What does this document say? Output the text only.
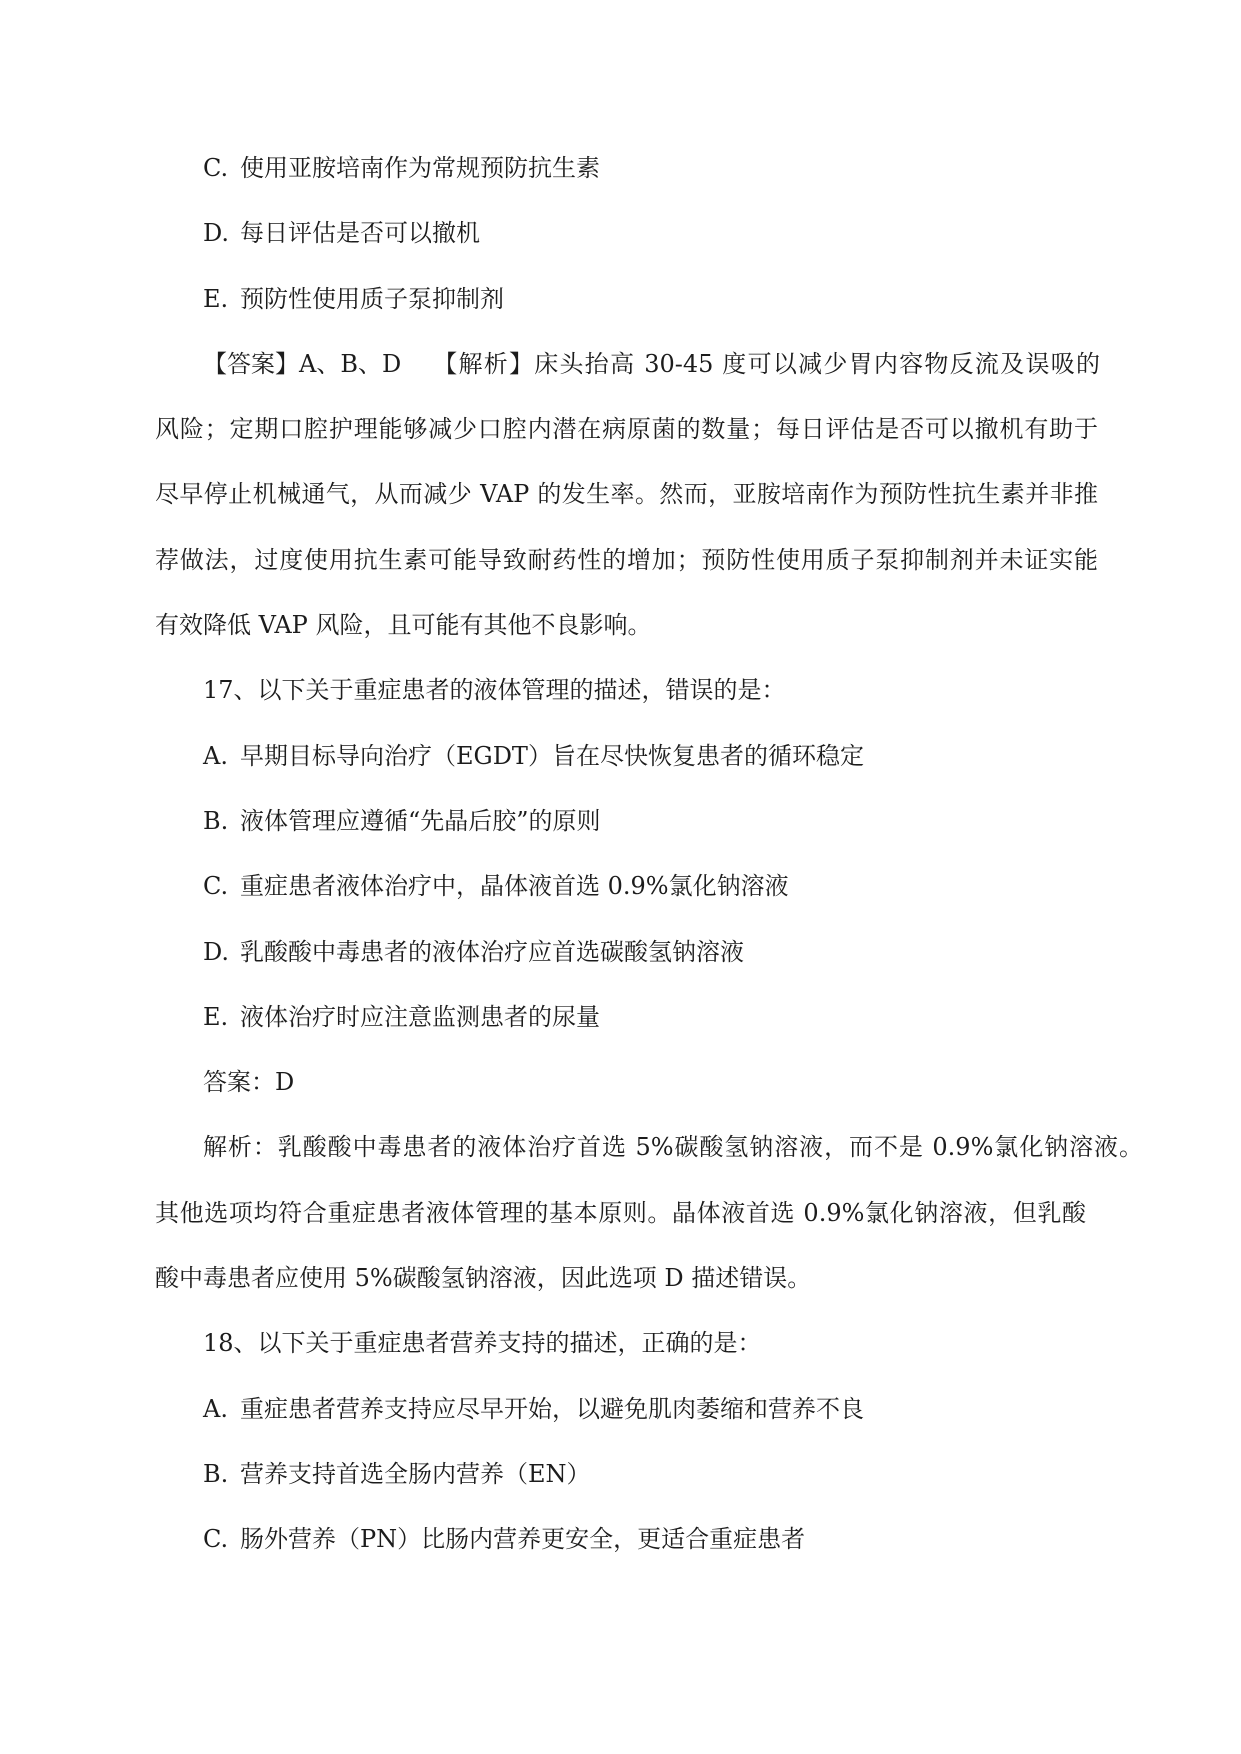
C. 使用亚胺培南作为常规预防抗生素
D. 每日评估是否可以撤机
E. 预防性使用质子泵抑制剂
【答案】A、B、D 【解析】床头抬高 30-45 度可以减少胃内容物反流及误吸的
风险；定期口腔护理能够减少口腔内潜在病原菌的数量；每日评估是否可以撤机有助于
尽早停止机械通气，从而减少 VAP 的发生率。然而，亚胺培南作为预防性抗生素并非推
荐做法，过度使用抗生素可能导致耐药性的增加；预防性使用质子泵抑制剂并未证实能
有效降低 VAP 风险，且可能有其他不良影响。
17、以下关于重症患者的液体管理的描述，错误的是：
A. 早期目标导向治疗（EGDT）旨在尽快恢复患者的循环稳定
B. 液体管理应遵循“先晶后胶”的原则
C. 重症患者液体治疗中，晶体液首选 0.9%氯化钠溶液
D. 乳酸酸中毒患者的液体治疗应首选碳酸氢钠溶液
E. 液体治疗时应注意监测患者的尿量
答案：D
解析：乳酸酸中毒患者的液体治疗首选 5%碳酸氢钠溶液，而不是 0.9%氯化钠溶液。
其他选项均符合重症患者液体管理的基本原则。晶体液首选 0.9%氯化钠溶液，但乳酸
酸中毒患者应使用 5%碳酸氢钠溶液，因此选项 D 描述错误。
18、以下关于重症患者营养支持的描述，正确的是：
A. 重症患者营养支持应尽早开始，以避免肌肉萎缩和营养不良
B. 营养支持首选全肠内营养（EN）
C. 肠外营养（PN）比肠内营养更安全，更适合重症患者
